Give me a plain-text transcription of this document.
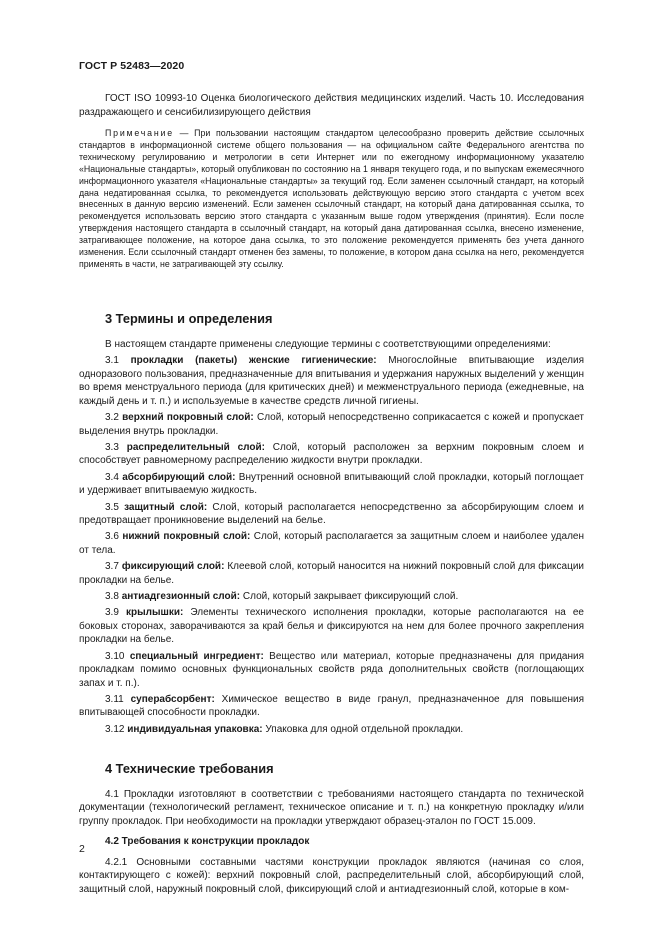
ГОСТ Р 52483—2020

ГОСТ ISO 10993-10 Оценка биологического действия медицинских изделий. Часть 10. Исследования раздражающего и сенсибилизирующего действия

Примечание — При пользовании настоящим стандартом целесообразно проверить действие ссылочных стандартов в информационной системе общего пользования — на официальном сайте Федерального агентства по техническому регулированию и метрологии в сети Интернет или по ежегодному информационному указателю «Национальные стандарты», который опубликован по состоянию на 1 января текущего года, и по выпускам ежемесячного информационного указателя «Национальные стандарты» за текущий год. Если заменен ссылочный стандарт, на который дана недатированная ссылка, то рекомендуется использовать действующую версию этого стандарта с учетом всех внесенных в данную версию изменений. Если заменен ссылочный стандарт, на который дана датированная ссылка, то рекомендуется использовать версию этого стандарта с указанным выше годом утверждения (принятия). Если после утверждения настоящего стандарта в ссылочный стандарт, на который дана датированная ссылка, внесено изменение, затрагивающее положение, на которое дана ссылка, то это положение рекомендуется применять без учета данного изменения. Если ссылочный стандарт отменен без замены, то положение, в котором дана ссылка на него, рекомендуется применять в части, не затрагивающей эту ссылку.

3 Термины и определения

В настоящем стандарте применены следующие термины с соответствующими определениями:

3.1 прокладки (пакеты) женские гигиенические: Многослойные впитывающие изделия одноразового пользования, предназначенные для впитывания и удержания наружных выделений у женщин во время менструального периода (для критических дней) и межменструального периода (ежедневные, на каждый день и т. п.) и используемые в качестве средств личной гигиены.

3.2 верхний покровный слой: Слой, который непосредственно соприкасается с кожей и пропускает выделения внутрь прокладки.

3.3 распределительный слой: Слой, который расположен за верхним покровным слоем и способствует равномерному распределению жидкости внутри прокладки.

3.4 абсорбирующий слой: Внутренний основной впитывающий слой прокладки, который поглощает и удерживает впитываемую жидкость.

3.5 защитный слой: Слой, который располагается непосредственно за абсорбирующим слоем и предотвращает проникновение выделений на белье.

3.6 нижний покровный слой: Слой, который располагается за защитным слоем и наиболее удален от тела.

3.7 фиксирующий слой: Клеевой слой, который наносится на нижний покровный слой для фиксации прокладки на белье.

3.8 антиадгезионный слой: Слой, который закрывает фиксирующий слой.

3.9 крылышки: Элементы технического исполнения прокладки, которые располагаются на ее боковых сторонах, заворачиваются за край белья и фиксируются на нем для более прочного закрепления прокладки на белье.

3.10 специальный ингредиент: Вещество или материал, которые предназначены для придания прокладкам помимо основных функциональных свойств ряда дополнительных свойств (поглощающих запах и т. п.).

3.11 суперабсорбент: Химическое вещество в виде гранул, предназначенное для повышения впитывающей способности прокладки.

3.12 индивидуальная упаковка: Упаковка для одной отдельной прокладки.

4 Технические требования

4.1 Прокладки изготовляют в соответствии с требованиями настоящего стандарта по технической документации (технологический регламент, техническое описание и т. п.) на конкретную прокладку и/или группу прокладок. При необходимости на прокладки утверждают образец-эталон по ГОСТ 15.009.

4.2 Требования к конструкции прокладок

4.2.1 Основными составными частями конструкции прокладок являются (начиная со слоя, контактирующего с кожей): верхний покровный слой, распределительный слой, абсорбирующий слой, защитный слой, наружный покровный слой, фиксирующий слой и антиадгезионный слой, которые в ком-

2
